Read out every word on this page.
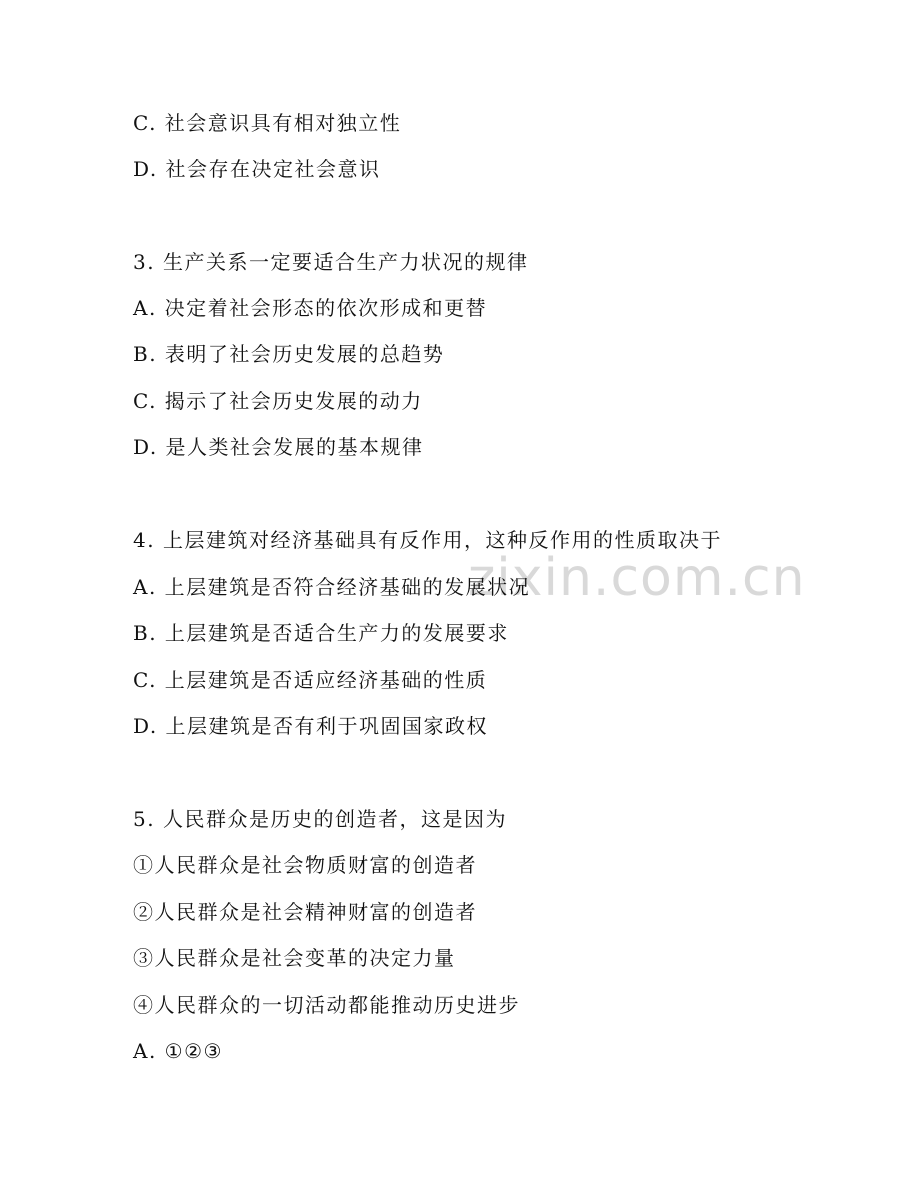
zixin.com.cn
C. 社会意识具有相对独立性
D. 社会存在决定社会意识
3. 生产关系一定要适合生产力状况的规律
A. 决定着社会形态的依次形成和更替
B. 表明了社会历史发展的总趋势
C. 揭示了社会历史发展的动力
D. 是人类社会发展的基本规律
4. 上层建筑对经济基础具有反作用，这种反作用的性质取决于
A. 上层建筑是否符合经济基础的发展状况
B. 上层建筑是否适合生产力的发展要求
C. 上层建筑是否适应经济基础的性质
D. 上层建筑是否有利于巩固国家政权
5. 人民群众是历史的创造者，这是因为
①人民群众是社会物质财富的创造者
②人民群众是社会精神财富的创造者
③人民群众是社会变革的决定力量
④人民群众的一切活动都能推动历史进步
A. ①②③
